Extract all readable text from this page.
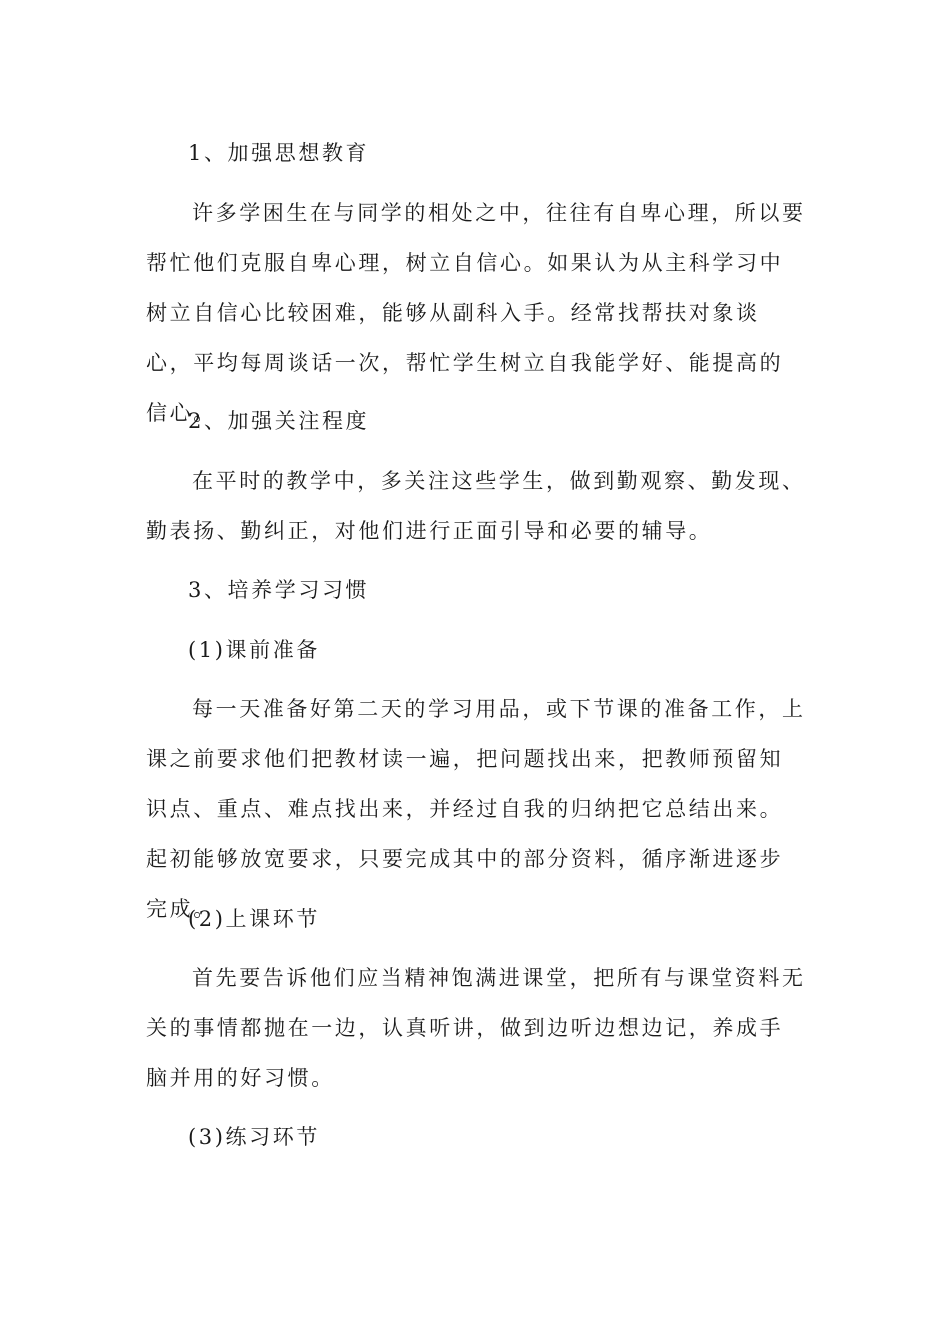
1、加强思想教育

许多学困生在与同学的相处之中，往往有自卑心理，所以要帮忙他们克服自卑心理，树立自信心。如果认为从主科学习中树立自信心比较困难，能够从副科入手。经常找帮扶对象谈心，平均每周谈话一次，帮忙学生树立自我能学好、能提高的信心。

2、加强关注程度

在平时的教学中，多关注这些学生，做到勤观察、勤发现、勤表扬、勤纠正，对他们进行正面引导和必要的辅导。

3、培养学习习惯

(1)课前准备

每一天准备好第二天的学习用品，或下节课的准备工作，上课之前要求他们把教材读一遍，把问题找出来，把教师预留知识点、重点、难点找出来，并经过自我的归纳把它总结出来。起初能够放宽要求，只要完成其中的部分资料，循序渐进逐步完成。

(2)上课环节

首先要告诉他们应当精神饱满进课堂，把所有与课堂资料无关的事情都抛在一边，认真听讲，做到边听边想边记，养成手脑并用的好习惯。

(3)练习环节
